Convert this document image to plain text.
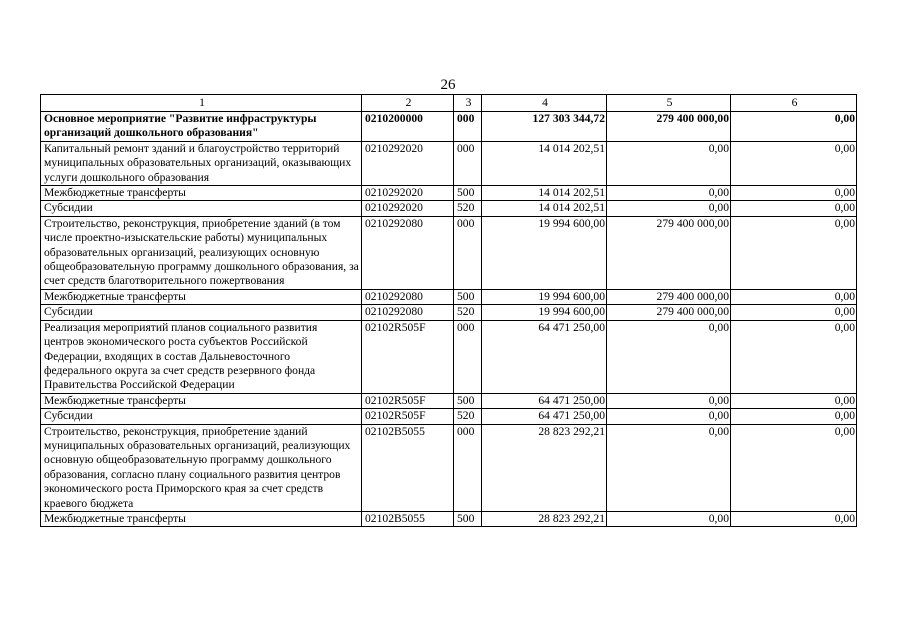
26
1	2	3	4	5	6
Основное мероприятие "Развитие инфраструктуры организаций дошкольного образования"	0210200000	000	127 303 344,72	279 400 000,00	0,00
Капитальный ремонт зданий и благоустройство территорий муниципальных образовательных организаций, оказывающих услуги дошкольного образования	0210292020	000	14 014 202,51	0,00	0,00
Межбюджетные трансферты	0210292020	500	14 014 202,51	0,00	0,00
Субсидии	0210292020	520	14 014 202,51	0,00	0,00
Строительство, реконструкция, приобретение зданий (в том числе проектно-изыскательские работы) муниципальных образовательных организаций, реализующих основную общеобразовательную программу дошкольного образования, за счет средств благотворительного пожертвования	0210292080	000	19 994 600,00	279 400 000,00	0,00
Межбюджетные трансферты	0210292080	500	19 994 600,00	279 400 000,00	0,00
Субсидии	0210292080	520	19 994 600,00	279 400 000,00	0,00
Реализация мероприятий планов социального развития центров экономического роста субъектов Российской Федерации, входящих в состав Дальневосточного федерального округа за счет средств резервного фонда Правительства Российской Федерации	02102R505F	000	64 471 250,00	0,00	0,00
Межбюджетные трансферты	02102R505F	500	64 471 250,00	0,00	0,00
Субсидии	02102R505F	520	64 471 250,00	0,00	0,00
Строительство, реконструкция, приобретение зданий муниципальных образовательных организаций, реализующих основную общеобразовательную программу дошкольного образования, согласно плану социального развития центров экономического роста Приморского края за счет средств краевого бюджета	02102B5055	000	28 823 292,21	0,00	0,00
Межбюджетные трансферты	02102B5055	500	28 823 292,21	0,00	0,00
